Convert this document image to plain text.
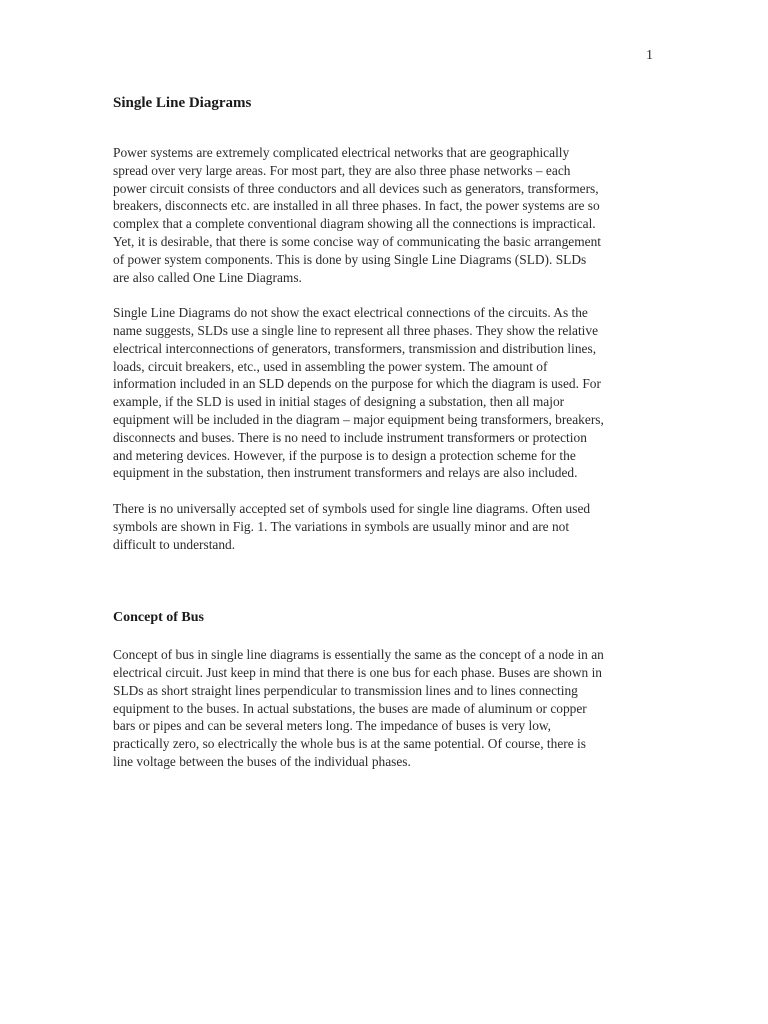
1
Single Line Diagrams

Power systems are extremely complicated electrical networks that are geographically
spread over very large areas. For most part, they are also three phase networks – each
power circuit consists of three conductors and all devices such as generators, transformers,
breakers, disconnects etc. are installed in all three phases. In fact, the power systems are so
complex that a complete conventional diagram showing all the connections is impractical.
Yet, it is desirable, that there is some concise way of communicating the basic arrangement
of power system components. This is done by using Single Line Diagrams (SLD). SLDs
are also called One Line Diagrams.

Single Line Diagrams do not show the exact electrical connections of the circuits. As the
name suggests, SLDs use a single line to represent all three phases. They show the relative
electrical interconnections of generators, transformers, transmission and distribution lines,
loads, circuit breakers, etc., used in assembling the power system. The amount of
information included in an SLD depends on the purpose for which the diagram is used. For
example, if the SLD is used in initial stages of designing a substation, then all major
equipment will be included in the diagram – major equipment being transformers, breakers,
disconnects and buses. There is no need to include instrument transformers or protection
and metering devices. However, if the purpose is to design a protection scheme for the
equipment in the substation, then instrument transformers and relays are also included.

There is no universally accepted set of symbols used for single line diagrams. Often used
symbols are shown in Fig. 1. The variations in symbols are usually minor and are not
difficult to understand.

Concept of Bus

Concept of bus in single line diagrams is essentially the same as the concept of a node in an
electrical circuit. Just keep in mind that there is one bus for each phase. Buses are shown in
SLDs as short straight lines perpendicular to transmission lines and to lines connecting
equipment to the buses. In actual substations, the buses are made of aluminum or copper
bars or pipes and can be several meters long. The impedance of buses is very low,
practically zero, so electrically the whole bus is at the same potential. Of course, there is
line voltage between the buses of the individual phases.
